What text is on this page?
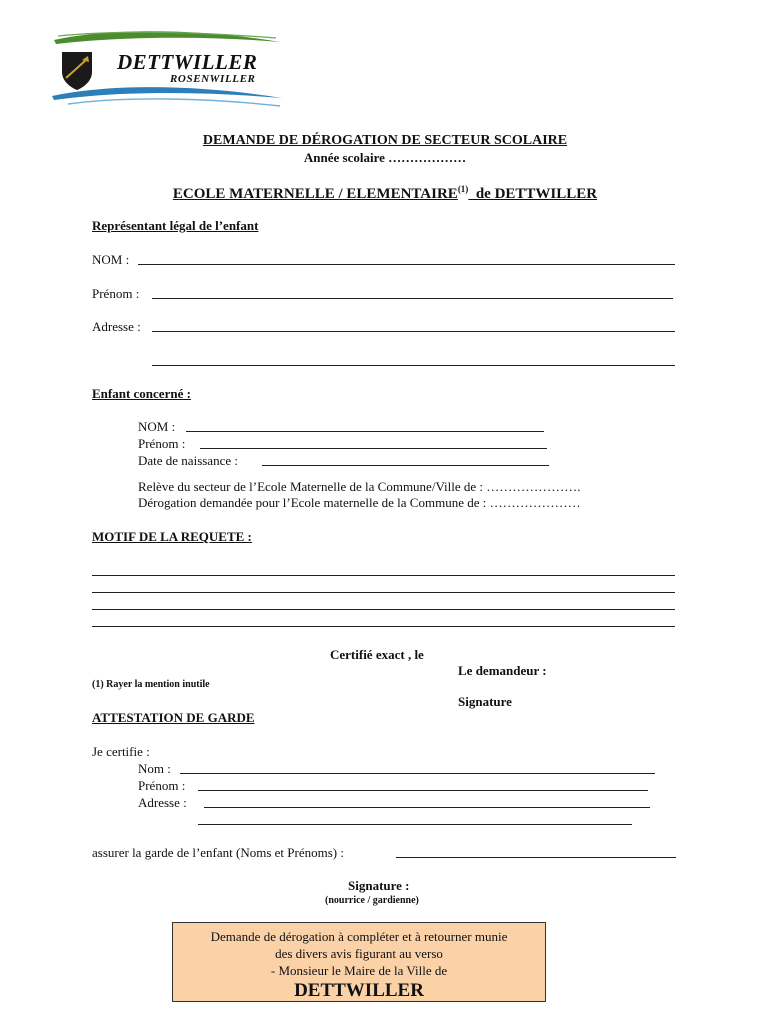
DETTWILLER
ROSENWILLER
DEMANDE DE DÉROGATION DE SECTEUR SCOLAIRE
Année scolaire ………………
ECOLE MATERNELLE / ELEMENTAIRE$^{(1)}$  de DETTWILLER
Représentant légal de l’enfant
NOM :
Prénom :
Adresse :
Enfant concerné :
NOM :
Prénom :
Date de naissance :
Relève du secteur de l’Ecole Maternelle de la Commune/Ville de : ………………….
Dérogation demandée pour l’Ecole maternelle de la Commune de : …………………
MOTIF DE LA REQUETE :
Certifié exact , le
Le demandeur :
(1) Rayer la mention inutile
Signature
ATTESTATION DE GARDE
Je certifie :
Nom :
Prénom :
Adresse :
assurer la garde de l’enfant (Noms et Prénoms) :
Signature :
(nourrice / gardienne)
Demande de dérogation à compléter et à retourner munie
des divers avis figurant au verso
- Monsieur le Maire de la Ville de
DETTWILLER
